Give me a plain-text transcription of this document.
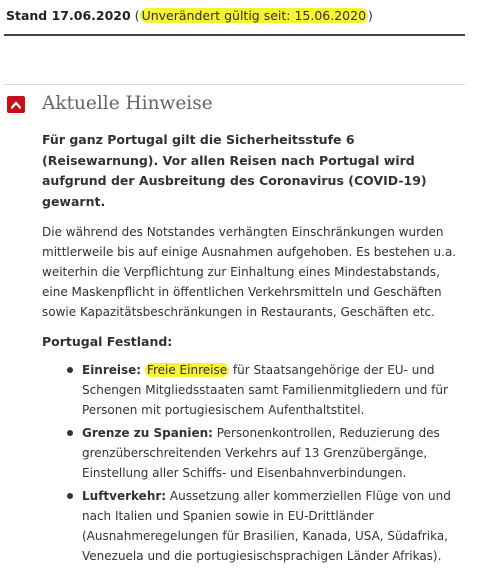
Stand 17.06.2020 ( Unverändert gültig seit: 15.06.2020 )
Aktuelle Hinweise

Für ganz Portugal gilt die Sicherheitsstufe 6 (Reisewarnung). Vor allen Reisen nach Portugal wird aufgrund der Ausbreitung des Coronavirus (COVID-19) gewarnt.

Die während des Notstandes verhängten Einschränkungen wurden mittlerweile bis auf einige Ausnahmen aufgehoben. Es bestehen u.a. weiterhin die Verpflichtung zur Einhaltung eines Mindestabstands, eine Maskenpflicht in öffentlichen Verkehrsmitteln und Geschäften sowie Kapazitätsbeschränkungen in Restaurants, Geschäften etc.

Portugal Festland:

Einreise: Freie Einreise für Staatsangehörige der EU- und Schengen Mitgliedsstaaten samt Familienmitgliedern und für Personen mit portugiesischem Aufenthaltstitel.
Grenze zu Spanien: Personenkontrollen, Reduzierung des grenzüberschreitenden Verkehrs auf 13 Grenzübergänge, Einstellung aller Schiffs- und Eisenbahnverbindungen.
Luftverkehr: Aussetzung aller kommerziellen Flüge von und nach Italien und Spanien sowie in EU-Drittländer (Ausnahmeregelungen für Brasilien, Kanada, USA, Südafrika, Venezuela und die portugiesischsprachigen Länder Afrikas).
